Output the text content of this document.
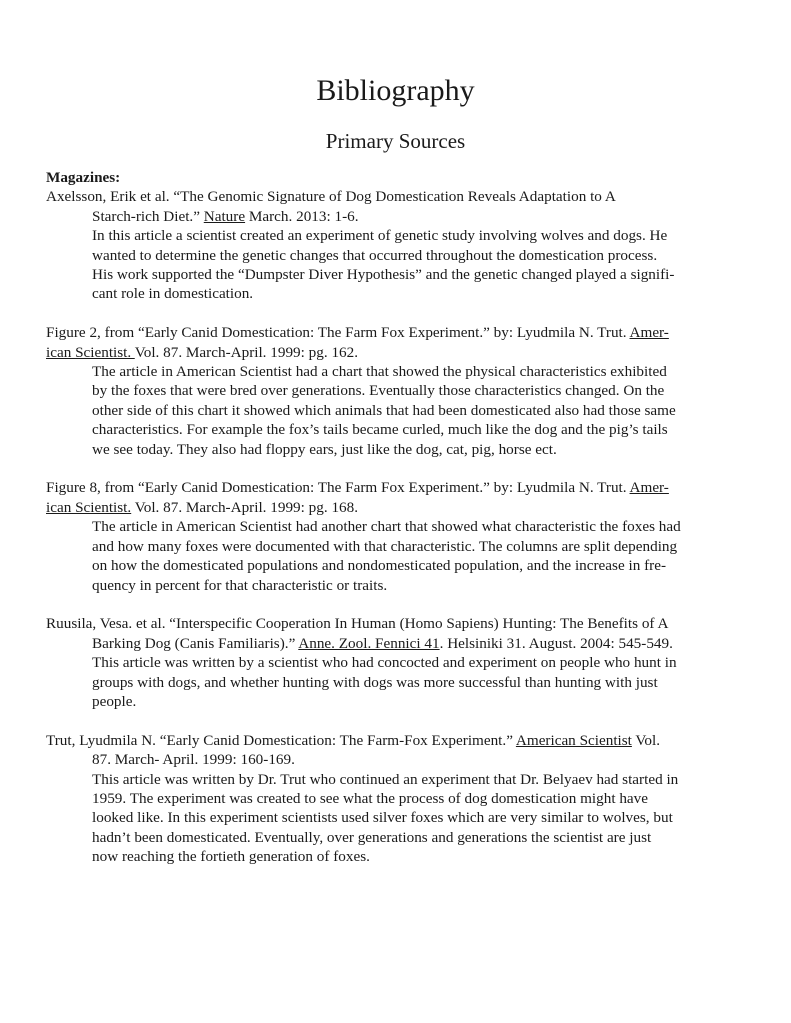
Bibliography
Primary Sources

Magazines:

Axelsson, Erik et al. “The Genomic Signature of Dog Domestication Reveals Adaptation to A
Starch-rich Diet.” Nature March. 2013: 1-6.
In this article a scientist created an experiment of genetic study involving wolves and dogs. He
wanted to determine the genetic changes that occurred throughout the domestication process.
His work supported the “Dumpster Diver Hypothesis” and the genetic changed played a signifi-
cant role in domestication.
Figure 2, from “Early Canid Domestication: The Farm Fox Experiment.” by: Lyudmila N. Trut. Amer-
ican Scientist. Vol. 87. March-April. 1999: pg. 162.
The article in American Scientist had a chart that showed the physical characteristics exhibited
by the foxes that were bred over generations. Eventually those characteristics changed. On the
other side of this chart it showed which animals that had been domesticated also had those same
characteristics. For example the fox’s tails became curled, much like the dog and the pig’s tails
we see today. They also had floppy ears, just like the dog, cat, pig, horse ect.
Figure 8, from “Early Canid Domestication: The Farm Fox Experiment.” by: Lyudmila N. Trut. Amer-
ican Scientist. Vol. 87. March-April. 1999: pg. 168.
The article in American Scientist had another chart that showed what characteristic the foxes had
and how many foxes were documented with that characteristic. The columns are split depending
on how the domesticated populations and nondomesticated population, and the increase in fre-
quency in percent for that characteristic or traits.
Ruusila, Vesa. et al. “Interspecific Cooperation In Human (Homo Sapiens) Hunting: The Benefits of A
Barking Dog (Canis Familiaris).” Anne. Zool. Fennici 41. Helsiniki 31. August. 2004: 545-549.
This article was written by a scientist who had concocted and experiment on people who hunt in
groups with dogs, and whether hunting with dogs was more successful than hunting with just
people.
Trut, Lyudmila N. “Early Canid Domestication: The Farm-Fox Experiment.” American Scientist Vol.
87. March- April. 1999: 160-169.
This article was written by Dr. Trut who continued an experiment that Dr. Belyaev had started in
1959. The experiment was created to see what the process of dog domestication might have
looked like. In this experiment scientists used silver foxes which are very similar to wolves, but
hadn’t been domesticated. Eventually, over generations and generations the scientist are just
now reaching the fortieth generation of foxes.
